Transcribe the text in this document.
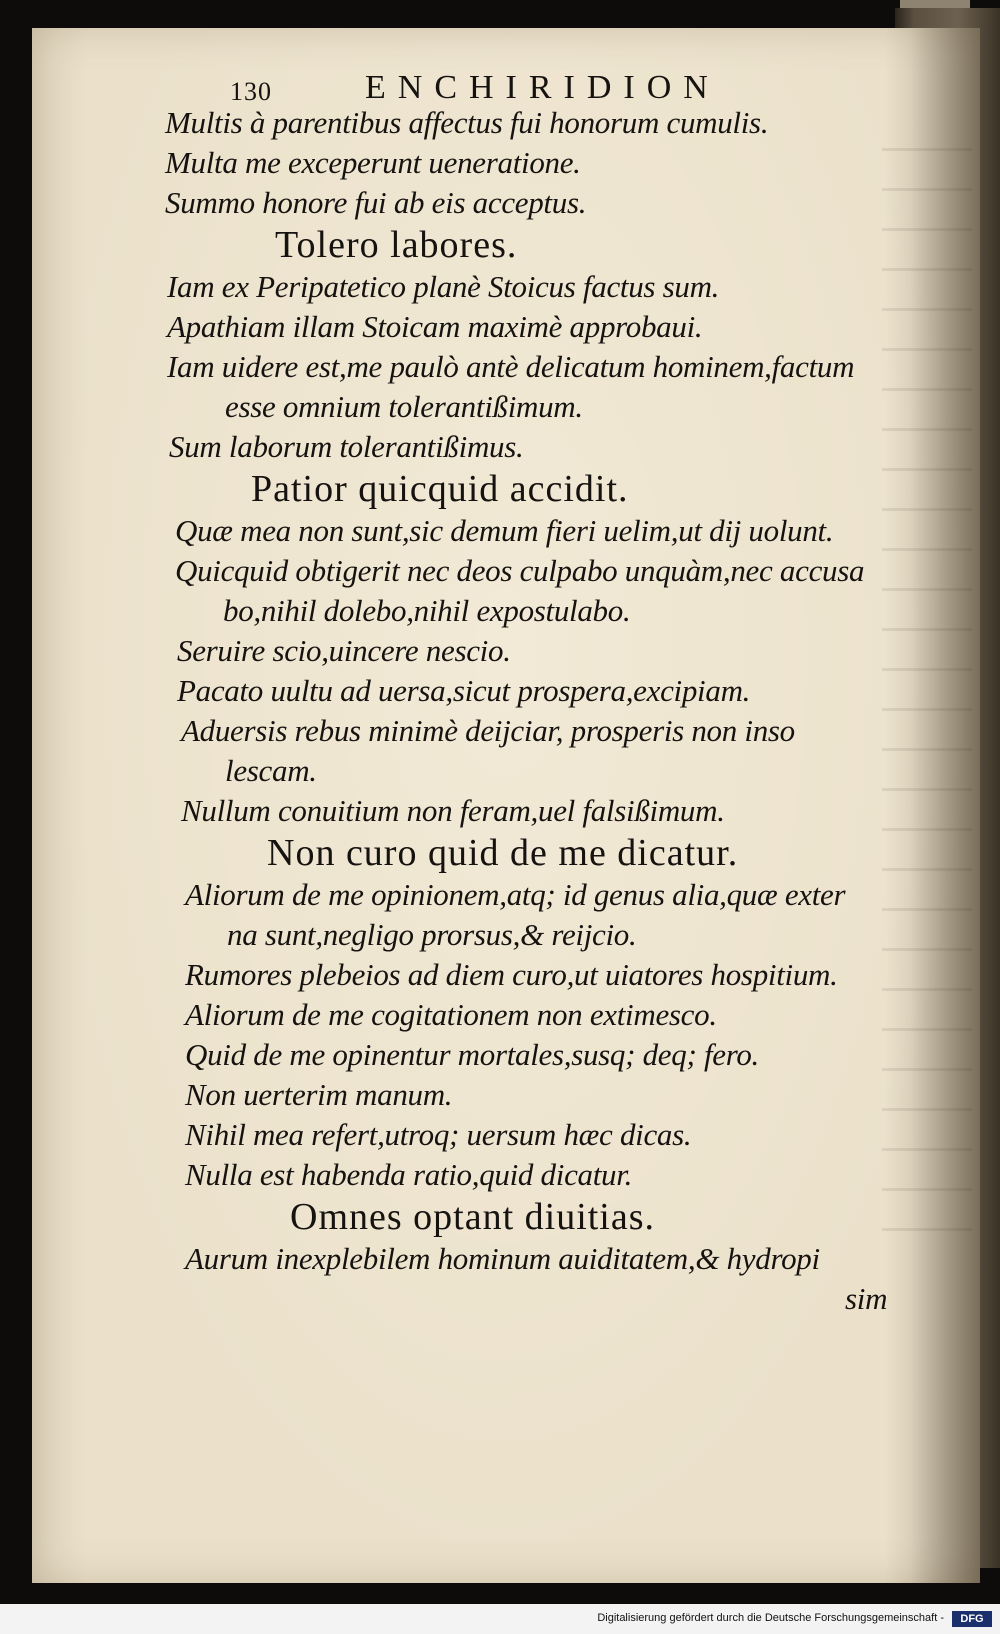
130	ENCHIRIDION
Multis à parentibus affectus fui honorum cumulis.
Multa me exceperunt ueneratione.
Summo honore fui ab eis acceptus.
Tolero labores.
Iam ex Peripatetico planè Stoicus factus sum.
Apathiam illam Stoicam maximè approbaui.
Iam uidere est,me paulò antè delicatum hominem,factum
esse omnium tolerantißimum.
Sum laborum tolerantißimus.
Patior quicquid accidit.
Quæ mea non sunt,sic demum fieri uelim,ut dij uolunt.
Quicquid obtigerit nec deos culpabo unquàm,nec accusa
bo,nihil dolebo,nihil expostulabo.
Seruire scio,uincere nescio.
Pacato uultu ad uersa,sicut prospera,excipiam.
Aduersis rebus minimè deijciar, prosperis non inso
lescam.
Nullum conuitium non feram,uel falsißimum.
Non curo quid de me dicatur.
Aliorum de me opinionem,atq; id genus alia,quæ exter
na sunt,negligo prorsus,& reijcio.
Rumores plebeios ad diem curo,ut uiatores hospitium.
Aliorum de me cogitationem non extimesco.
Quid de me opinentur mortales,susq; deq; fero.
Non uerterim manum.
Nihil mea refert,utroq; uersum hæc dicas.
Nulla est habenda ratio,quid dicatur.
Omnes optant diuitias.
Aurum inexplebilem hominum auiditatem,& hydropi
sim
Digitalisierung gefördert durch die Deutsche Forschungsgemeinschaft -	DFG
